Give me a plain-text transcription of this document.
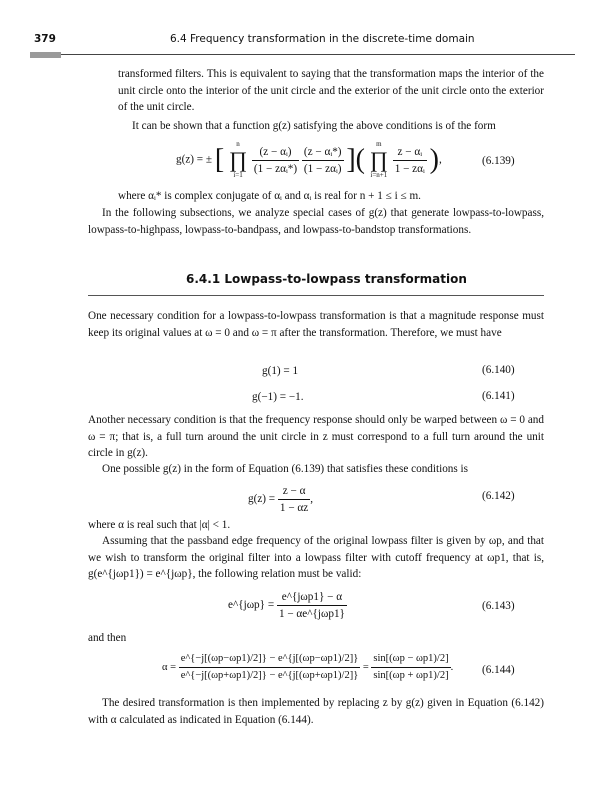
379	6.4 Frequency transformation in the discrete-time domain

transformed filters. This is equivalent to saying that the transformation maps the interior of the unit circle onto the interior of the unit circle and the exterior of the unit circle onto the exterior of the unit circle.

It can be shown that a function g(z) satisfying the above conditions is of the form

g(z) = ± [ n
∏
$i=1 \frac{\text{(z − αᵢ)}}{\text{(1 − zαᵢ*)}}$
$\frac{\text{(z − αᵢ*)}}{\text{(1 − zαᵢ)}}$ ]( m
∏
$i=n+1 \frac{\text{z − αᵢ}}{\text{1 − zαᵢ}}$ ),	(6.139)

where αᵢ* is complex conjugate of αᵢ and αᵢ is real for n + 1 ≤ i ≤ m.

In the following subsections, we analyze special cases of g(z) that generate lowpass-to-lowpass, lowpass-to-highpass, lowpass-to-bandpass, and lowpass-to-bandstop transformations.

6.4.1 Lowpass-to-lowpass transformation

One necessary condition for a lowpass-to-lowpass transformation is that a magnitude response must keep its original values at ω = 0 and ω = π after the transformation. Therefore, we must have

g(1) = 1	(6.140)
g(−1) = −1.	(6.141)

Another necessary condition is that the frequency response should only be warped between ω = 0 and ω = π; that is, a full turn around the unit circle in z must correspond to a full turn around the unit circle in g(z).

One possible g(z) in the form of Equation (6.139) that satisfies these conditions is

$g(z) = \frac{z - \alpha}{1 - \alpha z}$ ,	(6.142)

where α is real such that |α| < 1.

Assuming that the passband edge frequency of the original lowpass filter is given by ωp, and that we wish to transform the original filter into a lowpass filter with cutoff frequency at ωp1, that is, g(e^{jωp1}) = e^{jωp}, the following relation must be valid:

e^{jωp} = $\frac{\text{e\textasciicircum{}\{jωp1\} − α}}{\text{1 − αe\textasciicircum{}\{jωp1\}}}$	(6.143)

and then

$\alpha = \frac{e\^{}\{-j[(\omega p-\omega p1)/2]\} - e\^{}\{j[(\omega p-\omega p1)/2]\}}{e\^{}\{-j[(\omega p+\omega p1)/2]\} - e\^{}\{j[(\omega p+\omega p1)/2]\}} = \frac{\sin[(\omega p - \omega p1)/2]}{\sin[(\omega p + \omega p1)/2]}$ .	(6.144)

The desired transformation is then implemented by replacing z by g(z) given in Equation (6.142) with α calculated as indicated in Equation (6.144).
